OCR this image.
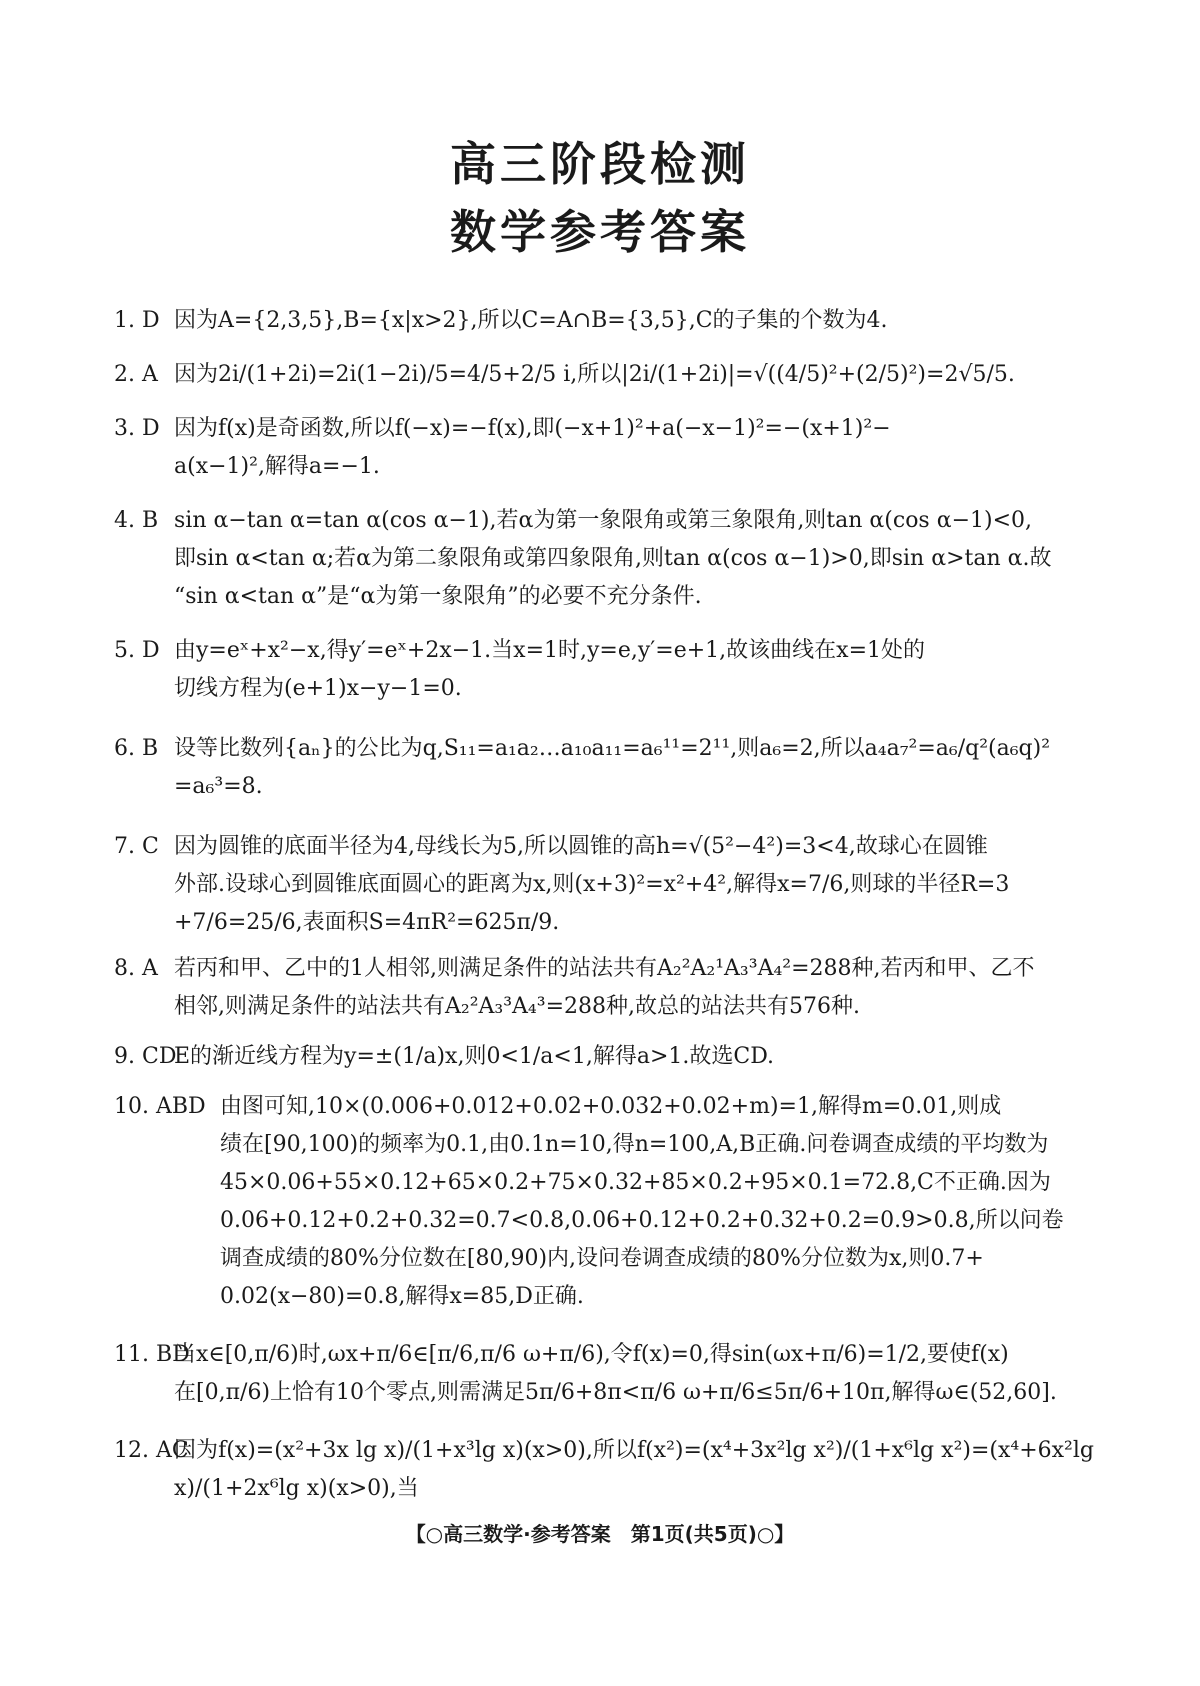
高三阶段检测
数学参考答案
1. D 因为A={2,3,5},B={x|x>2},所以C=A∩B={3,5},C的子集的个数为4.
2. A 因为2i/(1+2i)=2i(1−2i)/5=4/5+2/5 i,所以|2i/(1+2i)|=√((4/5)²+(2/5)²)=2√5/5.
3. D 因为f(x)是奇函数,所以f(−x)=−f(x),即(−x+1)²+a(−x−1)²=−(x+1)²−
a(x−1)²,解得a=−1.
4. B sin α−tan α=tan α(cos α−1),若α为第一象限角或第三象限角,则tan α(cos α−1)<0,
即sin α<tan α;若α为第二象限角或第四象限角,则tan α(cos α−1)>0,即sin α>tan α.故
“sin α<tan α”是“α为第一象限角”的必要不充分条件.
5. D 由y=eˣ+x²−x,得y′=eˣ+2x−1.当x=1时,y=e,y′=e+1,故该曲线在x=1处的
切线方程为(e+1)x−y−1=0.
6. B 设等比数列{aₙ}的公比为q,S₁₁=a₁a₂…a₁₀a₁₁=a₆¹¹=2¹¹,则a₆=2,所以a₄a₇²=a₆/q²(a₆q)²
=a₆³=8.
7. C 因为圆锥的底面半径为4,母线长为5,所以圆锥的高h=√(5²−4²)=3<4,故球心在圆锥
外部.设球心到圆锥底面圆心的距离为x,则(x+3)²=x²+4²,解得x=7/6,则球的半径R=3
+7/6=25/6,表面积S=4πR²=625π/9.
8. A 若丙和甲、乙中的1人相邻,则满足条件的站法共有A₂²A₂¹A₃³A₄²=288种,若丙和甲、乙不
相邻,则满足条件的站法共有A₂²A₃³A₄³=288种,故总的站法共有576种.
9. CD
E的渐近线方程为y=±(1/a)x,则0<1/a<1,解得a>1.故选CD.
10. ABD 由图可知,10×(0.006+0.012+0.02+0.032+0.02+m)=1,解得m=0.01,则成
绩在[90,100)的频率为0.1,由0.1n=10,得n=100,A,B正确.问卷调查成绩的平均数为
45×0.06+55×0.12+65×0.2+75×0.32+85×0.2+95×0.1=72.8,C不正确.因为
0.06+0.12+0.2+0.32=0.7<0.8,0.06+0.12+0.2+0.32+0.2=0.9>0.8,所以问卷
调查成绩的80%分位数在[80,90)内,设问卷调查成绩的80%分位数为x,则0.7+
0.02(x−80)=0.8,解得x=85,D正确.
11. BD
当x∈[0,π/6)时,ωx+π/6∈[π/6,π/6 ω+π/6),令f(x)=0,得sin(ωx+π/6)=1/2,要使f(x)
在[0,π/6)上恰有10个零点,则需满足5π/6+8π<π/6 ω+π/6≤5π/6+10π,解得ω∈(52,60].
12. AC
因为f(x)=(x²+3x lg x)/(1+x³lg x)(x>0),所以f(x²)=(x⁴+3x²lg x²)/(1+x⁶lg x²)=(x⁴+6x²lg x)/(1+2x⁶lg x)(x>0),当
【○高三数学·参考答案　第1页(共5页)○】
